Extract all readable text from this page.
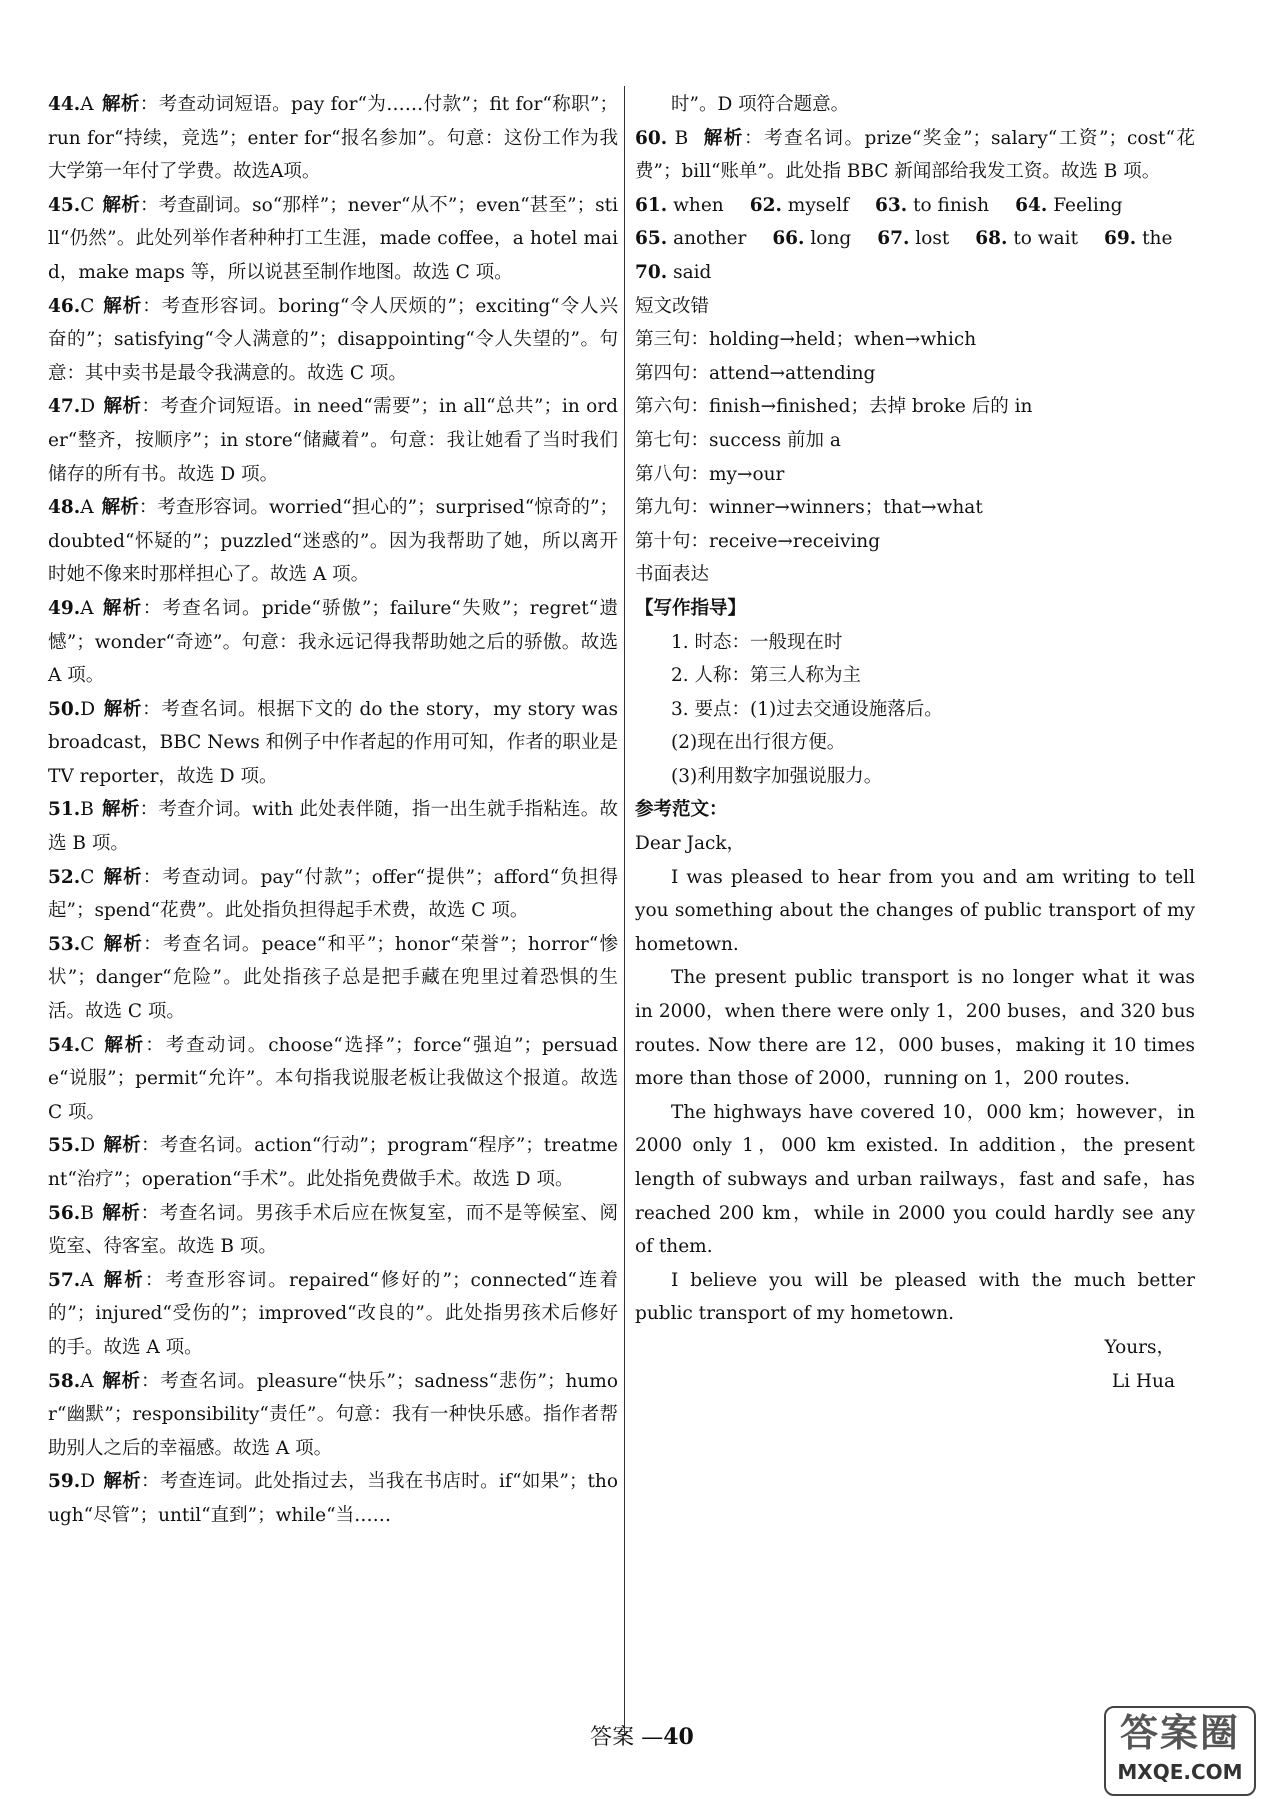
44.A 解析：考查动词短语。pay for“为……付款”；fit for“称职”；run for“持续，竞选”；enter for“报名参加”。句意：这份工作为我大学第一年付了学费。故选A项。
45.C 解析：考查副词。so“那样”；never“从不”；even“甚至”；still“仍然”。此处列举作者种种打工生涯，made coffee，a hotel maid，make maps 等，所以说甚至制作地图。故选 C 项。
46.C 解析：考查形容词。boring“令人厌烦的”；exciting“令人兴奋的”；satisfying“令人满意的”；disappointing“令人失望的”。句意：其中卖书是最令我满意的。故选 C 项。
47.D 解析：考查介词短语。in need“需要”；in all“总共”；in order“整齐，按顺序”；in store“储藏着”。句意：我让她看了当时我们储存的所有书。故选 D 项。
48.A 解析：考查形容词。worried“担心的”；surprised“惊奇的”；doubted“怀疑的”；puzzled“迷惑的”。因为我帮助了她，所以离开时她不像来时那样担心了。故选 A 项。
49.A 解析：考查名词。pride“骄傲”；failure“失败”；regret“遗憾”；wonder“奇迹”。句意：我永远记得我帮助她之后的骄傲。故选 A 项。
50.D 解析：考查名词。根据下文的 do the story，my story was broadcast，BBC News 和例子中作者起的作用可知，作者的职业是 TV reporter，故选 D 项。
51.B 解析：考查介词。with 此处表伴随，指一出生就手指粘连。故选 B 项。
52.C 解析：考查动词。pay“付款”；offer“提供”；afford“负担得起”；spend“花费”。此处指负担得起手术费，故选 C 项。
53.C 解析：考查名词。peace“和平”；honor“荣誉”；horror“惨状”；danger“危险”。此处指孩子总是把手藏在兜里过着恐惧的生活。故选 C 项。
54.C 解析：考查动词。choose“选择”；force“强迫”；persuade“说服”；permit“允许”。本句指我说服老板让我做这个报道。故选 C 项。
55.D 解析：考查名词。action“行动”；program“程序”；treatment“治疗”；operation“手术”。此处指免费做手术。故选 D 项。
56.B 解析：考查名词。男孩手术后应在恢复室，而不是等候室、阅览室、待客室。故选 B 项。
57.A 解析：考查形容词。repaired“修好的”；connected“连着的”；injured“受伤的”；improved“改良的”。此处指男孩术后修好的手。故选 A 项。
58.A 解析：考查名词。pleasure“快乐”；sadness“悲伤”；humor“幽默”；responsibility“责任”。句意：我有一种快乐感。指作者帮助别人之后的幸福感。故选 A 项。
59.D 解析：考查连词。此处指过去，当我在书店时。if“如果”；though“尽管”；until“直到”；while“当……
时”。D 项符合题意。
60. B 解析：考查名词。prize“奖金”；salary“工资”；cost“花费”；bill“账单”。此处指 BBC 新闻部给我发工资。故选 B 项。
61. when 62. myself 63. to finish 64. Feeling
65. another 66. long 67. lost 68. to wait 69. the
70. said
短文改错
第三句：holding→held；when→which
第四句：attend→attending
第六句：finish→finished；去掉 broke 后的 in
第七句：success 前加 a
第八句：my→our
第九句：winner→winners；that→what
第十句：receive→receiving
书面表达
【写作指导】
1. 时态：一般现在时
2. 人称：第三人称为主
3. 要点：(1)过去交通设施落后。
(2)现在出行很方便。
(3)利用数字加强说服力。
参考范文：
Dear Jack，
I was pleased to hear from you and am writing to tell you something about the changes of public transport of my hometown.
The present public transport is no longer what it was in 2000，when there were only 1，200 buses，and 320 bus routes. Now there are 12，000 buses，making it 10 times more than those of 2000，running on 1，200 routes.
The highways have covered 10，000 km；however，in 2000 only 1，000 km existed. In addition，the present length of subways and urban railways，fast and safe，has reached 200 km，while in 2000 you could hardly see any of them.
I believe you will be pleased with the much better public transport of my hometown.
Yours，
Li Hua
答案 —40	答案圈
MXQE.COM
